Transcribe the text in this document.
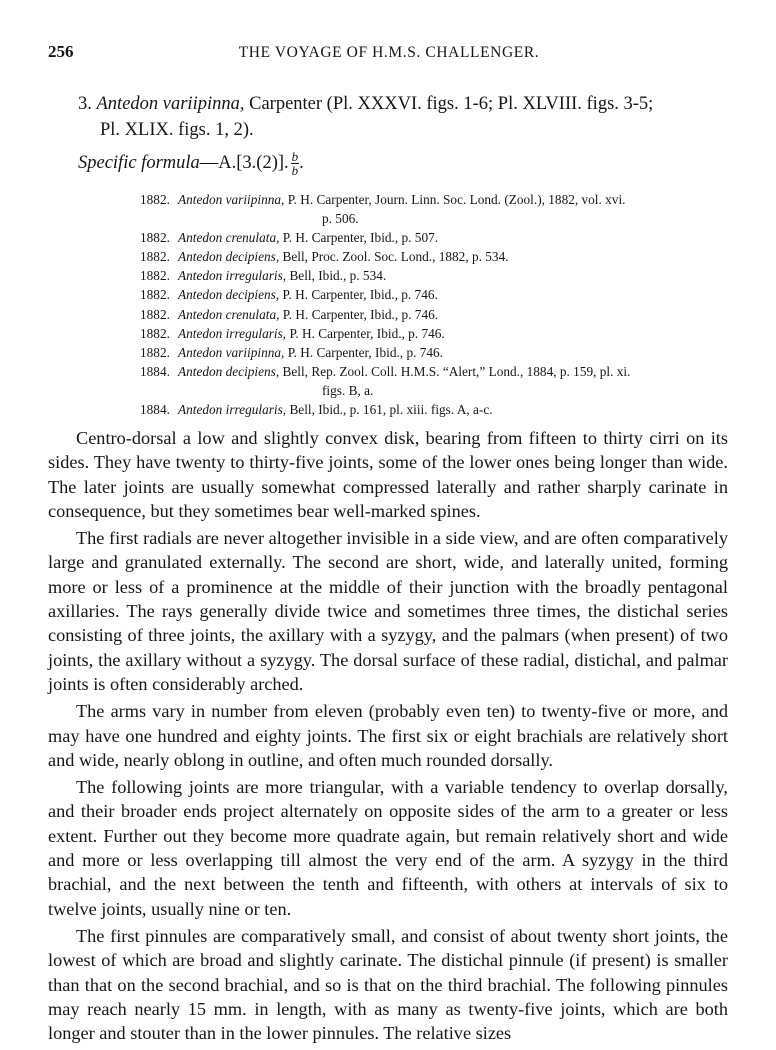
256	THE VOYAGE OF H.M.S. CHALLENGER.
3. Antedon variipinna, Carpenter (Pl. XXXVI. figs. 1-6; Pl. XLVIII. figs. 3-5;
Pl. XLIX. figs. 1, 2).
Specific formula—A.[3.(2)]. $\frac{b}{b}$ .
1882. Antedon variipinna, P. H. Carpenter, Journ. Linn. Soc. Lond. (Zool.), 1882, vol. xvi.
p. 506.
1882. Antedon crenulata, P. H. Carpenter, Ibid., p. 507.
1882. Antedon decipiens, Bell, Proc. Zool. Soc. Lond., 1882, p. 534.
1882. Antedon irregularis, Bell, Ibid., p. 534.
1882. Antedon decipiens, P. H. Carpenter, Ibid., p. 746.
1882. Antedon crenulata, P. H. Carpenter, Ibid., p. 746.
1882. Antedon irregularis, P. H. Carpenter, Ibid., p. 746.
1882. Antedon variipinna, P. H. Carpenter, Ibid., p. 746.
1884. Antedon decipiens, Bell, Rep. Zool. Coll. H.M.S. “Alert,” Lond., 1884, p. 159, pl. xi.
figs. B, a.
1884. Antedon irregularis, Bell, Ibid., p. 161, pl. xiii. figs. A, a-c.

Centro-dorsal a low and slightly convex disk, bearing from fifteen to thirty cirri on its sides. They have twenty to thirty-five joints, some of the lower ones being longer than wide. The later joints are usually somewhat compressed laterally and rather sharply carinate in consequence, but they sometimes bear well-marked spines.

The first radials are never altogether invisible in a side view, and are often comparatively large and granulated externally. The second are short, wide, and laterally united, forming more or less of a prominence at the middle of their junction with the broadly pentagonal axillaries. The rays generally divide twice and sometimes three times, the distichal series consisting of three joints, the axillary with a syzygy, and the palmars (when present) of two joints, the axillary without a syzygy. The dorsal surface of these radial, distichal, and palmar joints is often considerably arched.

The arms vary in number from eleven (probably even ten) to twenty-five or more, and may have one hundred and eighty joints. The first six or eight brachials are relatively short and wide, nearly oblong in outline, and often much rounded dorsally.

The following joints are more triangular, with a variable tendency to overlap dorsally, and their broader ends project alternately on opposite sides of the arm to a greater or less extent. Further out they become more quadrate again, but remain relatively short and wide and more or less overlapping till almost the very end of the arm. A syzygy in the third brachial, and the next between the tenth and fifteenth, with others at intervals of six to twelve joints, usually nine or ten.

The first pinnules are comparatively small, and consist of about twenty short joints, the lowest of which are broad and slightly carinate. The distichal pinnule (if present) is smaller than that on the second brachial, and so is that on the third brachial. The following pinnules may reach nearly 15 mm. in length, with as many as twenty-five joints, which are both longer and stouter than in the lower pinnules. The relative sizes
